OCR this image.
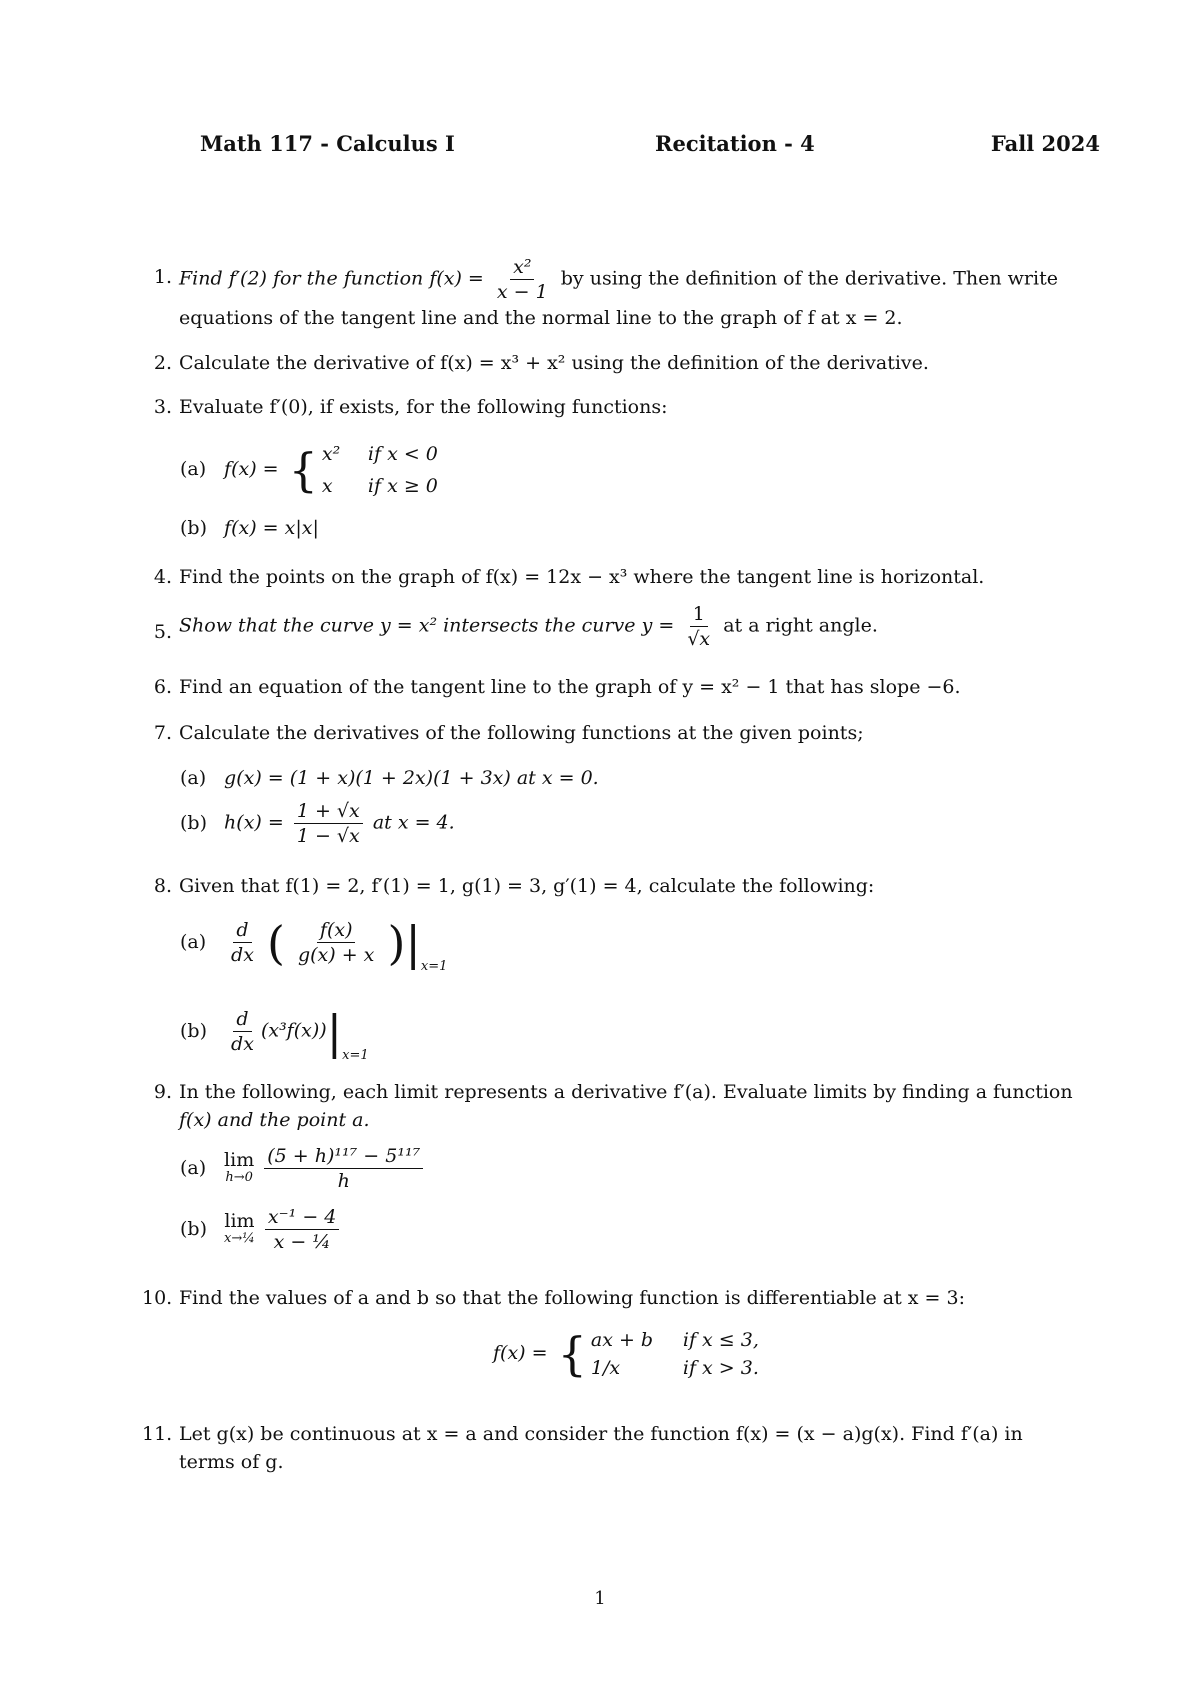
Math 117 - Calculus I	Recitation - 4	Fall 2024
1. Find f′(2) for the function $f(x) = \frac{\text{x²}}{x - 1}$ by using the definition of the derivative. Then write
equations of the tangent line and the normal line to the graph of f at x = 2.
2. Calculate the derivative of f(x) = x³ + x² using the definition of the derivative.
3. Evaluate f′(0), if exists, for the following functions:
(a) f(x) = { x² if x < 0
x if x ≥ 0
(b) f(x) = x|x|
4. Find the points on the graph of f(x) = 12x − x³ where the tangent line is horizontal.
5. Show that the curve y = x² intersects the curve $y = \frac{1}{√x}$ at a right angle.
6. Find an equation of the tangent line to the graph of y = x² − 1 that has slope −6.
7. Calculate the derivatives of the following functions at the given points;
(a) g(x) = (1 + x)(1 + 2x)(1 + 3x) at x = 0.
(b) $h(x) = \frac{1 + √x}{1 - √x}$ at x = 4.
8. Given that f(1) = 2, f′(1) = 1, g(1) = 3, g′(1) = 4, calculate the following:
$(a) \frac{d}{dx}$ ( $\frac{f(x)}{g(x) + x} )|_{x=1}$
$(b) \frac{d}{dx} (x^3f(x))|_{x=1}$
9. In the following, each limit represents a derivative f′(a). Evaluate limits by finding a function
f(x) and the point a.
(a) lim
h→0
$\frac{\text{(5 + h)¹¹⁷ − 5¹¹⁷}}{h}$
(b) lim
x→¼
$\frac{\text{x⁻¹ − 4}}{\text{x − ¼}}$
10. Find the values of a and b so that the following function is differentiable at x = 3:
f(x) = { ax + b if x ≤ 3,
1/x	if x > 3.
11. Let g(x) be continuous at x = a and consider the function f(x) = (x − a)g(x). Find f′(a) in
terms of g.
1
